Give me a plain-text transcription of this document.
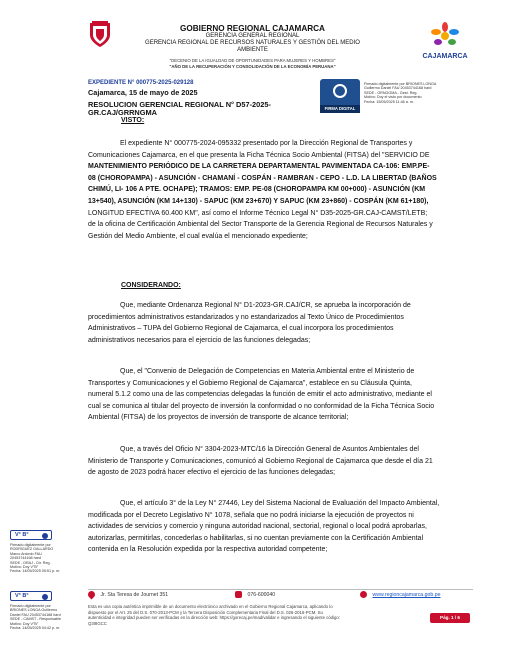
GOBIERNO REGIONAL CAJAMARCA
GERENCIA GENERAL REGIONAL
GERENCIA REGIONAL DE RECURSOS NATURALES Y GESTIÓN DEL MEDIO
AMBIENTE
"DECENIO DE LA IGUALDAD DE OPORTUNIDADES PARA MUJERES Y HOMBRES"
"AÑO DE LA RECUPERACIÓN Y CONSOLIDACIÓN DE LA ECONOMÍA PERUANA"
CAJAMARCA
EXPEDIENTE N° 000775-2025-029128
Cajamarca, 15 de mayo de 2025
RESOLUCION GERENCIAL REGIONAL N° D57-2025-
GR.CAJ/GRRNGMA
VISTO:
FIRMA DIGITAL
Firmado digitalmente por BRIONES LONGA
Guillermo Daniel FAU 20453744168 hard
SEDE - GRNGGMA - Gest. Reg.
Motivo: Doy el visto por documento
Fecha: 15/05/2025 11:46 a. m.
El expediente N° 000775-2024-095332 presentado por la Dirección Regional de Transportes y
Comunicaciones Cajamarca, en el que presenta la Ficha Técnica Socio Ambiental (FITSA) del "SERVICIO DE
MANTENIMIENTO PERIÓDICO DE LA CARRETERA DEPARTAMENTAL PAVIMENTADA CA-106: EMP.PE-
08 (CHOROPAMPA) - ASUNCIÓN - CHAMANÍ - COSPÁN - RAMBRAN - CEPO - L.D. LA LIBERTAD (BAÑOS
CHIMÚ, LI- 106 A PTE. OCHAPE); TRAMOS: EMP. PE-08 (CHOROPAMPA KM 00+000) - ASUNCIÓN (KM
13+540), ASUNCIÓN (KM 14+130) - SAPUC (KM 23+670) Y SAPUC (KM 23+860) - COSPÁN (KM 61+180),
LONGITUD EFECTIVA 60.400 KM", así como el Informe Técnico Legal N° D35-2025-GR.CAJ-CAMST/LETB;
de la oficina de Certificación Ambiental del Sector Transporte de la Gerencia Regional de Recursos Naturales y
Gestión del Medio Ambiente, el cual evalúa el mencionado expediente;
CONSIDERANDO:
Que, mediante Ordenanza Regional N° D1-2023-GR.CAJ/CR, se aprueba la incorporación de
procedimientos administrativos estandarizados y no estandarizados al Texto Único de Procedimientos
Administrativos – TUPA del Gobierno Regional de Cajamarca, el cual incorpora los procedimientos
administrativos necesarios para el ejercicio de las funciones delegadas;
Que, el "Convenio de Delegación de Competencias en Materia Ambiental entre el Ministerio de
Transportes y Comunicaciones y el Gobierno Regional de Cajamarca", establece en su Cláusula Quinta,
numeral 5.1.2 como una de las competencias delegadas la función de emitir el acto administrativo, mediante el
cual se comunica al titular del proyecto de inversión la conformidad o no conformidad de la Ficha Técnica Socio
Ambiental (FITSA) de los proyectos de inversión de transporte de alcance territorial;
Que, a través del Oficio N° 3304-2023-MTC/16 la Dirección General de Asuntos Ambientales del
Ministerio de Transporte y Comunicaciones, comunicó al Gobierno Regional de Cajamarca que desde el día 21
de agosto de 2023 podrá hacer efectivo el ejercicio de las funciones delegadas;
Que, el artículo 3° de la Ley N° 27446, Ley del Sistema Nacional de Evaluación del Impacto Ambiental,
modificada por el Decreto Legislativo N° 1078, señala que no podrá iniciarse la ejecución de proyectos ni
actividades de servicios y comercio y ninguna autoridad nacional, sectorial, regional o local podrá aprobarlas,
autorizarlas, permitirlas, concederlas o habilitarlas, si no cuentan previamente con la Certificación Ambiental
contenida en la Resolución expedida por la respectiva autoridad competente;
V° B°
Firmado digitalmente por
RODRIGUEZ GALLARDO
Marco Antonio FAU
20453744168 hard
SEDE - DRAJ - Dir. Reg.
Motivo: Doy V°B°
Fecha: 14/05/2025 05:51 p. m.
V° B°
Firmado digitalmente por
BRIONES LONGA Guillermo
Daniel FAU 20453744168 hard
SEDE - CAMST - Responsable
Motivo: Doy V°B°
Fecha: 14/05/2025 04:42 p. m.
Jr. Sta Teresa de Journet 351	076-600040	www.regioncajamarca.gob.pe
Esta es una copia auténtica imprimible de un documento electrónico archivado en el Gobierno Regional Cajamarca, aplicando lo
dispuesto por el Art. 25 del D.S. 070-2013-PCM y la Tercera Disposición Complementaria Final del D.S. 026-2016-PCM. Su
autenticidad e integridad pueden ser verificadas en la dirección web: https://gorecaj.pe/mad/validar e ingresando el siguiente código:
Q3I8GCC
Pág. 1 / 6
